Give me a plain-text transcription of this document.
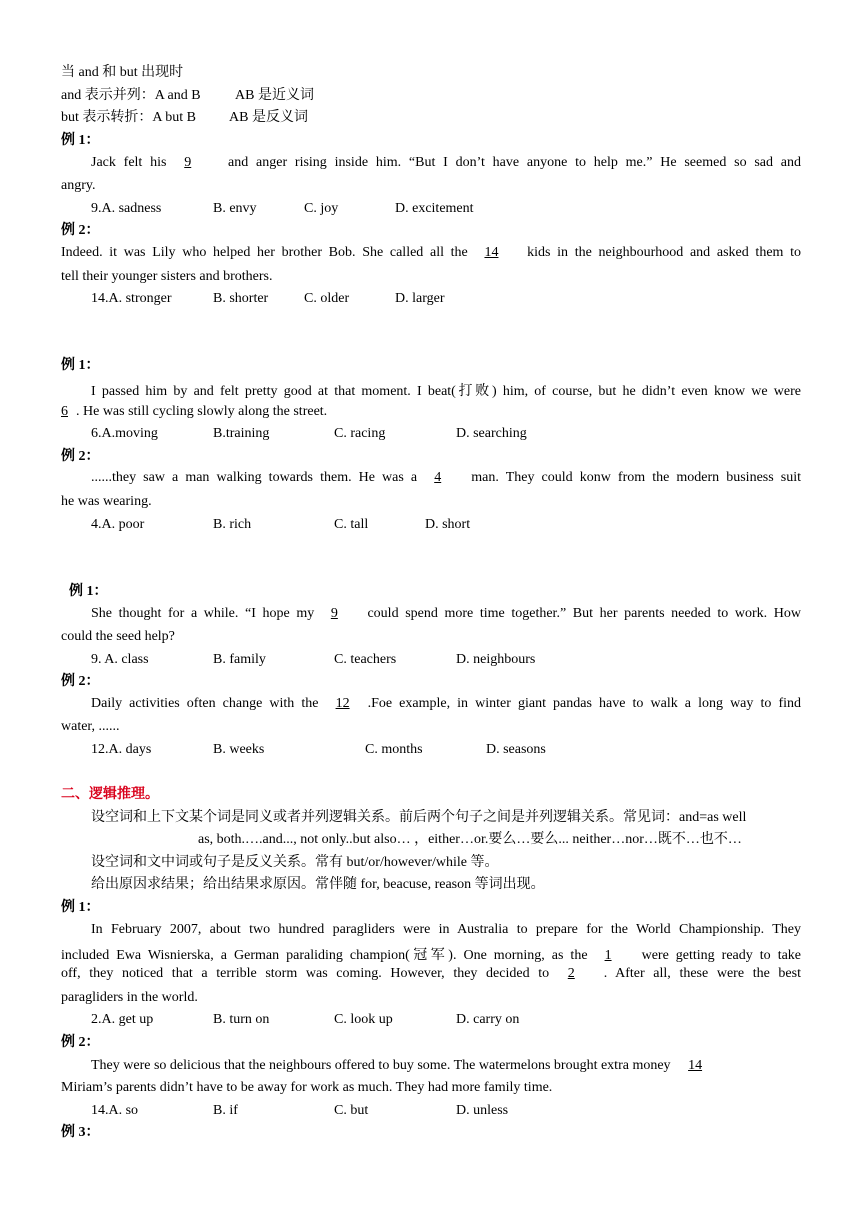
当 and 和 but 出现时
and 表示并列：A and B AB 是近义词
but 表示转折：A but B AB 是反义词
例 1：
Jack felt his 9	and anger rising inside him. “But I don’t have anyone to help me.” He seemed so sad and
angry.
9.A. sadness	B. envy	C. joy	D. excitement
例 2：
Indeed. it was Lily who helped her brother Bob. She called all the 14 kids in the neighbourhood and asked them to
tell their younger sisters and brothers.
14.A. stronger	B. shorter	C. older	D. larger
例 1：
I passed him by and felt pretty good at that moment. I beat(打败) him, of course, but he didn’t even know we were
6 . He was still cycling slowly along the street.
6.A.moving	B.training	C. racing	D. searching
例 2：
......they saw a man walking towards them. He was a 4 man. They could konw from the modern business suit
he was wearing.
4.A. poor	B. rich	C. tall	D. short
例 1：
She thought for a while. “I hope my 9 could spend more time together.” But her parents needed to work. How
could the seed help?
9. A. class	B. family	C. teachers	D. neighbours
例 2：
Daily activities often change with the 12 .Foe example, in winter giant pandas have to walk a long way to find
water, ......
12.A. days	B. weeks	C. months	D. seasons
二、逻辑推理。
设空词和上下文某个词是同义或者并列逻辑关系。前后两个句子之间是并列逻辑关系。常见词：and=as well
as, both.….and..., not only..but also… ，either…or.要么…要么... neither…nor…既不…也不…
设空词和文中词或句子是反义关系。常有 but/or/however/while 等。
给出原因求结果；给出结果求原因。常伴随 for, beacuse, reason 等词出现。
例 1：
In February 2007, about two hundred paragliders were in Australia to prepare for the World Championship. They
included Ewa Wisnierska, a German paraliding champion(冠军). One morning, as the 1 were getting ready to take
off, they noticed that a terrible storm was coming. However, they decided to 2 . After all, these were the best
paragliders in the world.
2.A. get up	B. turn on	C. look up	D. carry on
例 2：
They were so delicious that the neighbours offered to buy some. The watermelons brought extra money 14
Miriam’s parents didn’t have to be away for work as much. They had more family time.
14.A. so	B. if	C. but	D. unless
例 3：
